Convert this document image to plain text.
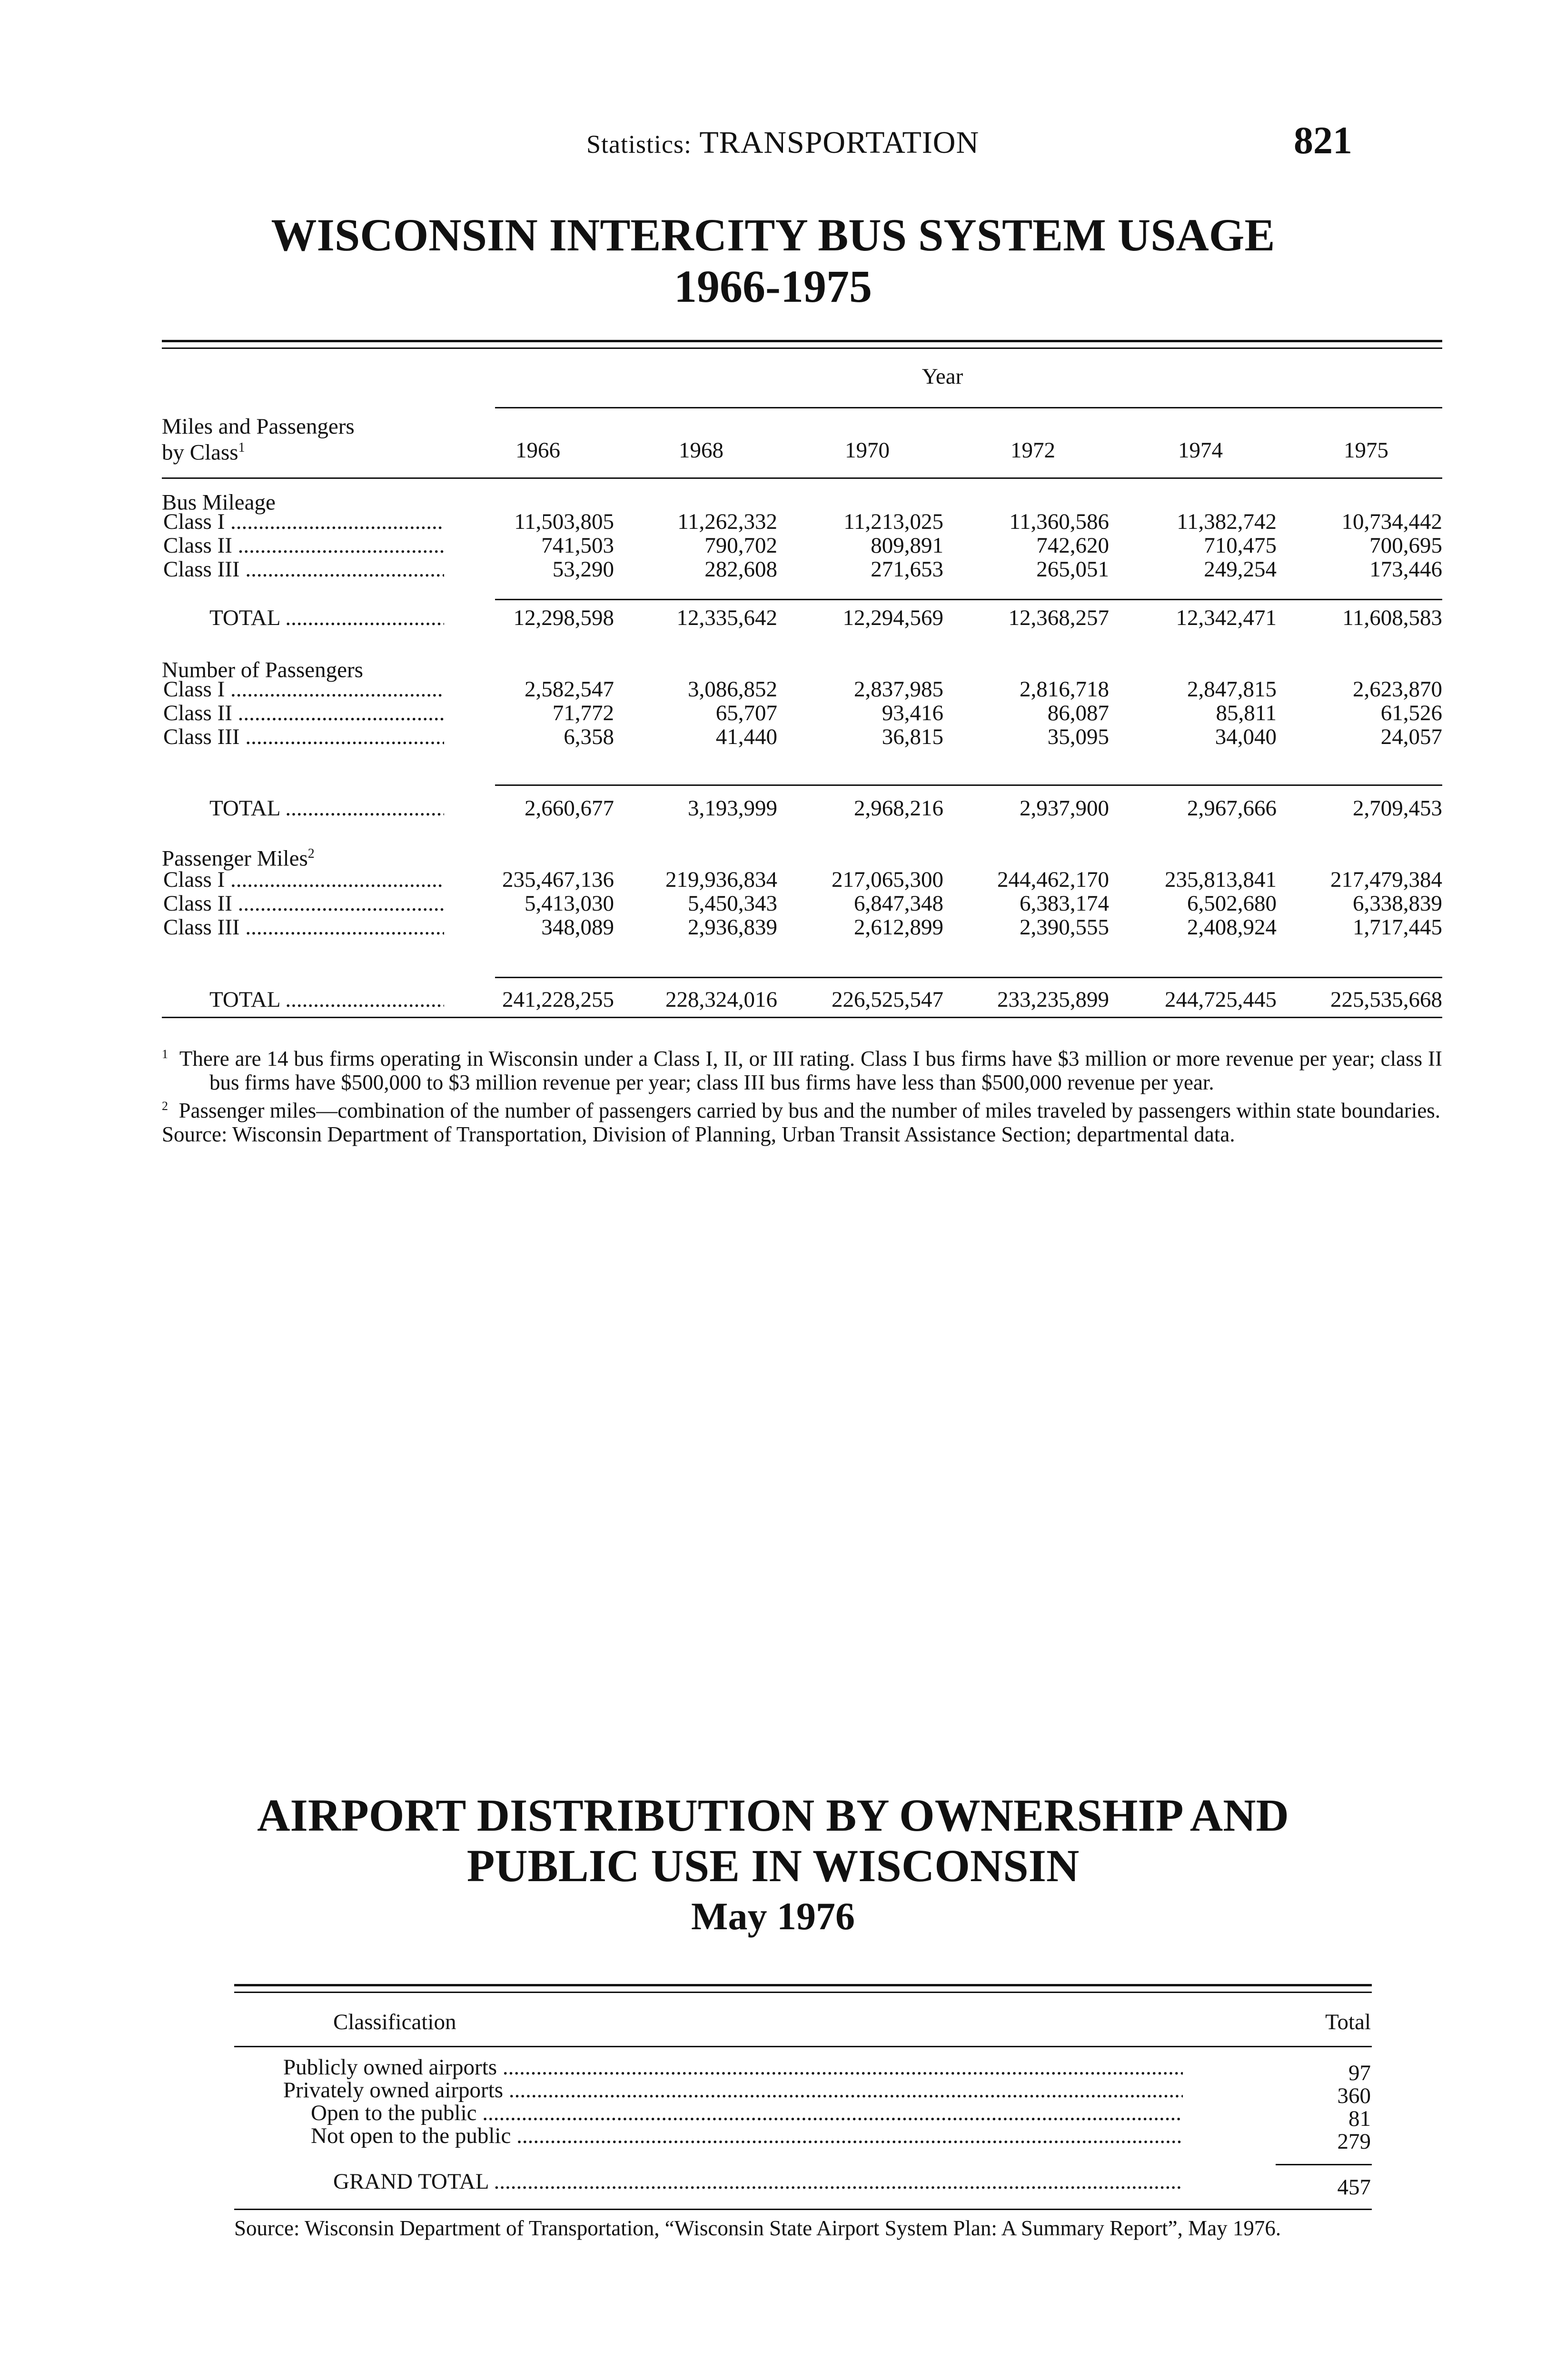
Statistics: TRANSPORTATION	821
WISCONSIN INTERCITY BUS SYSTEM USAGE
1966-1975
Year
Miles and Passengers
by Class$^1$	1966	1968	1970	1972	1974	1975
Bus Mileage
Class I .....	11,503,805	11,262,332	11,213,025	11,360,586	11,382,742	10,734,442
Class II .....	741,503	790,702	809,891	742,620	710,475	700,695
Class III .....	53,290	282,608	271,653	265,051	249,254	173,446
TOTAL .....	12,298,598	12,335,642	12,294,569	12,368,257	12,342,471	11,608,583
Number of Passengers
Class I .....	2,582,547	3,086,852	2,837,985	2,816,718	2,847,815	2,623,870
Class II .....	71,772	65,707	93,416	86,087	85,811	61,526
Class III .....	6,358	41,440	36,815	35,095	34,040	24,057
TOTAL .....	2,660,677	3,193,999	2,968,216	2,937,900	2,967,666	2,709,453
Passenger Miles$^2$
Class I .....	235,467,136	219,936,834	217,065,300	244,462,170	235,813,841	217,479,384
Class II .....	5,413,030	5,450,343	6,847,348	6,383,174	6,502,680	6,338,839
Class III .....	348,089	2,936,839	2,612,899	2,390,555	2,408,924	1,717,445
TOTAL .....	241,228,255	228,324,016	226,525,547	233,235,899	244,725,445	225,535,668
$^1$ There are 14 bus firms operating in Wisconsin under a Class I, II, or III rating. Class I bus firms have $3 million or more revenue per year; class II bus firms have $500,000 to $3 million revenue per year; class III bus firms have less than $500,000 revenue per year.
$^2$ Passenger miles—combination of the number of passengers carried by bus and the number of miles traveled by passengers within state boundaries.
Source: Wisconsin Department of Transportation, Division of Planning, Urban Transit Assistance Section; departmental data.
AIRPORT DISTRIBUTION BY OWNERSHIP AND
PUBLIC USE IN WISCONSIN
May 1976
Classification	Total
Publicly owned airports .....	97
Privately owned airports .....	360
Open to the public .....	81
Not open to the public .....	279
GRAND TOTAL .....	457
Source: Wisconsin Department of Transportation, “Wisconsin State Airport System Plan: A Summary Report”, May 1976.
